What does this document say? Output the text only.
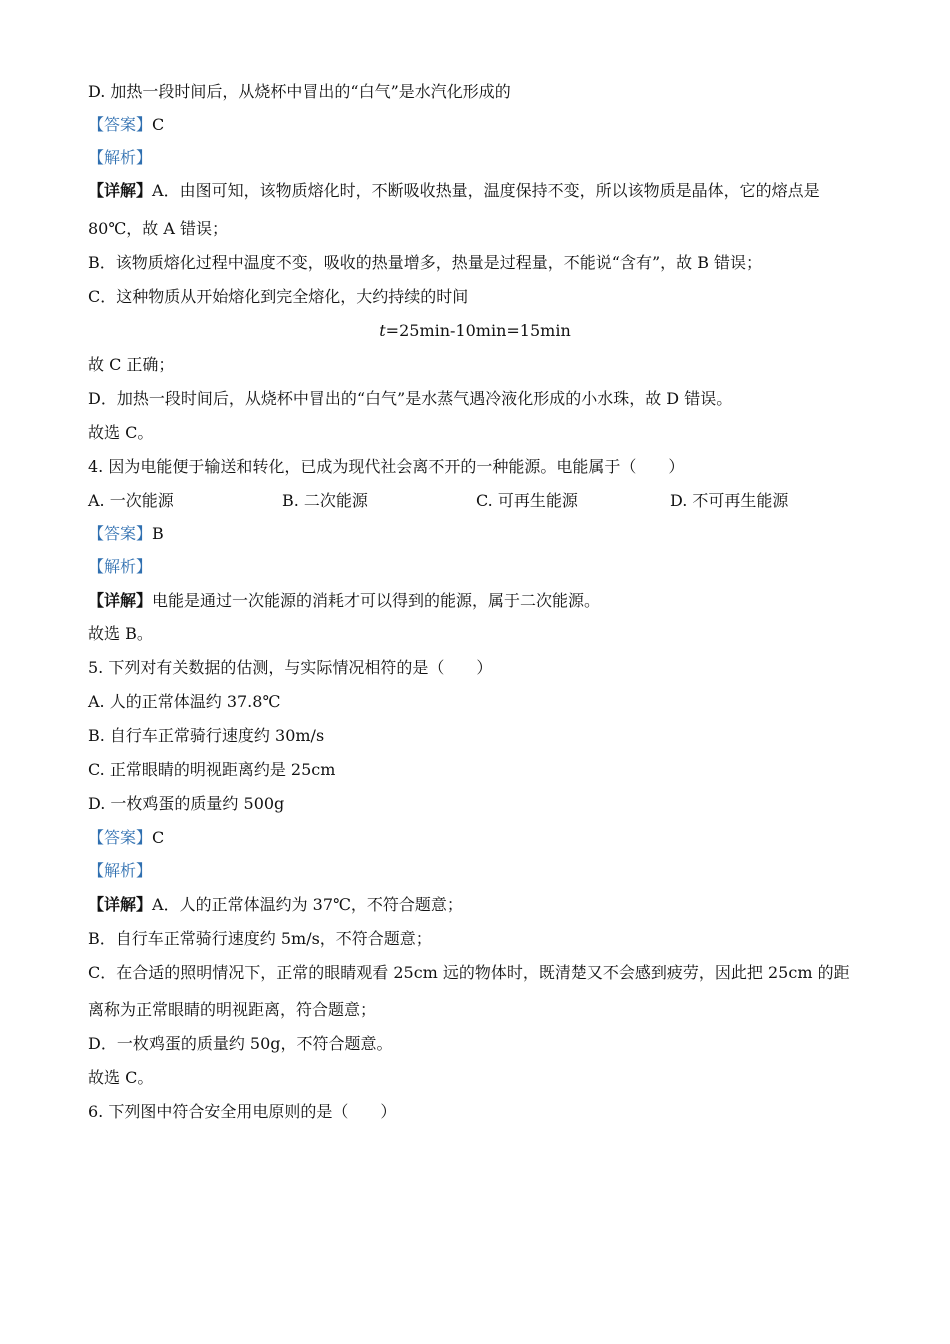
D. 加热一段时间后，从烧杯中冒出的“白气”是水汽化形成的
【答案】C
【解析】
【详解】A．由图可知，该物质熔化时，不断吸收热量，温度保持不变，所以该物质是晶体，它的熔点是
80℃，故 A 错误；
B．该物质熔化过程中温度不变，吸收的热量增多，热量是过程量，不能说“含有”，故 B 错误；
C．这种物质从开始熔化到完全熔化，大约持续的时间
t=25min-10min=15min
故 C 正确；
D．加热一段时间后，从烧杯中冒出的“白气”是水蒸气遇冷液化形成的小水珠，故 D 错误。
故选 C。
4. 因为电能便于输送和转化，已成为现代社会离不开的一种能源。电能属于（　　）
A. 一次能源	B. 二次能源	C. 可再生能源	D. 不可再生能源
【答案】B
【解析】
【详解】电能是通过一次能源的消耗才可以得到的能源，属于二次能源。
故选 B。
5. 下列对有关数据的估测，与实际情况相符的是（　　）
A. 人的正常体温约 37.8℃
B. 自行车正常骑行速度约 30m/s
C. 正常眼睛的明视距离约是 25cm
D. 一枚鸡蛋的质量约 500g
【答案】C
【解析】
【详解】A．人的正常体温约为 37℃，不符合题意；
B．自行车正常骑行速度约 5m/s，不符合题意；
C．在合适的照明情况下，正常的眼睛观看 25cm 远的物体时，既清楚又不会感到疲劳，因此把 25cm 的距
离称为正常眼睛的明视距离，符合题意；
D．一枚鸡蛋的质量约 50g，不符合题意。
故选 C。
6. 下列图中符合安全用电原则的是（　　）
